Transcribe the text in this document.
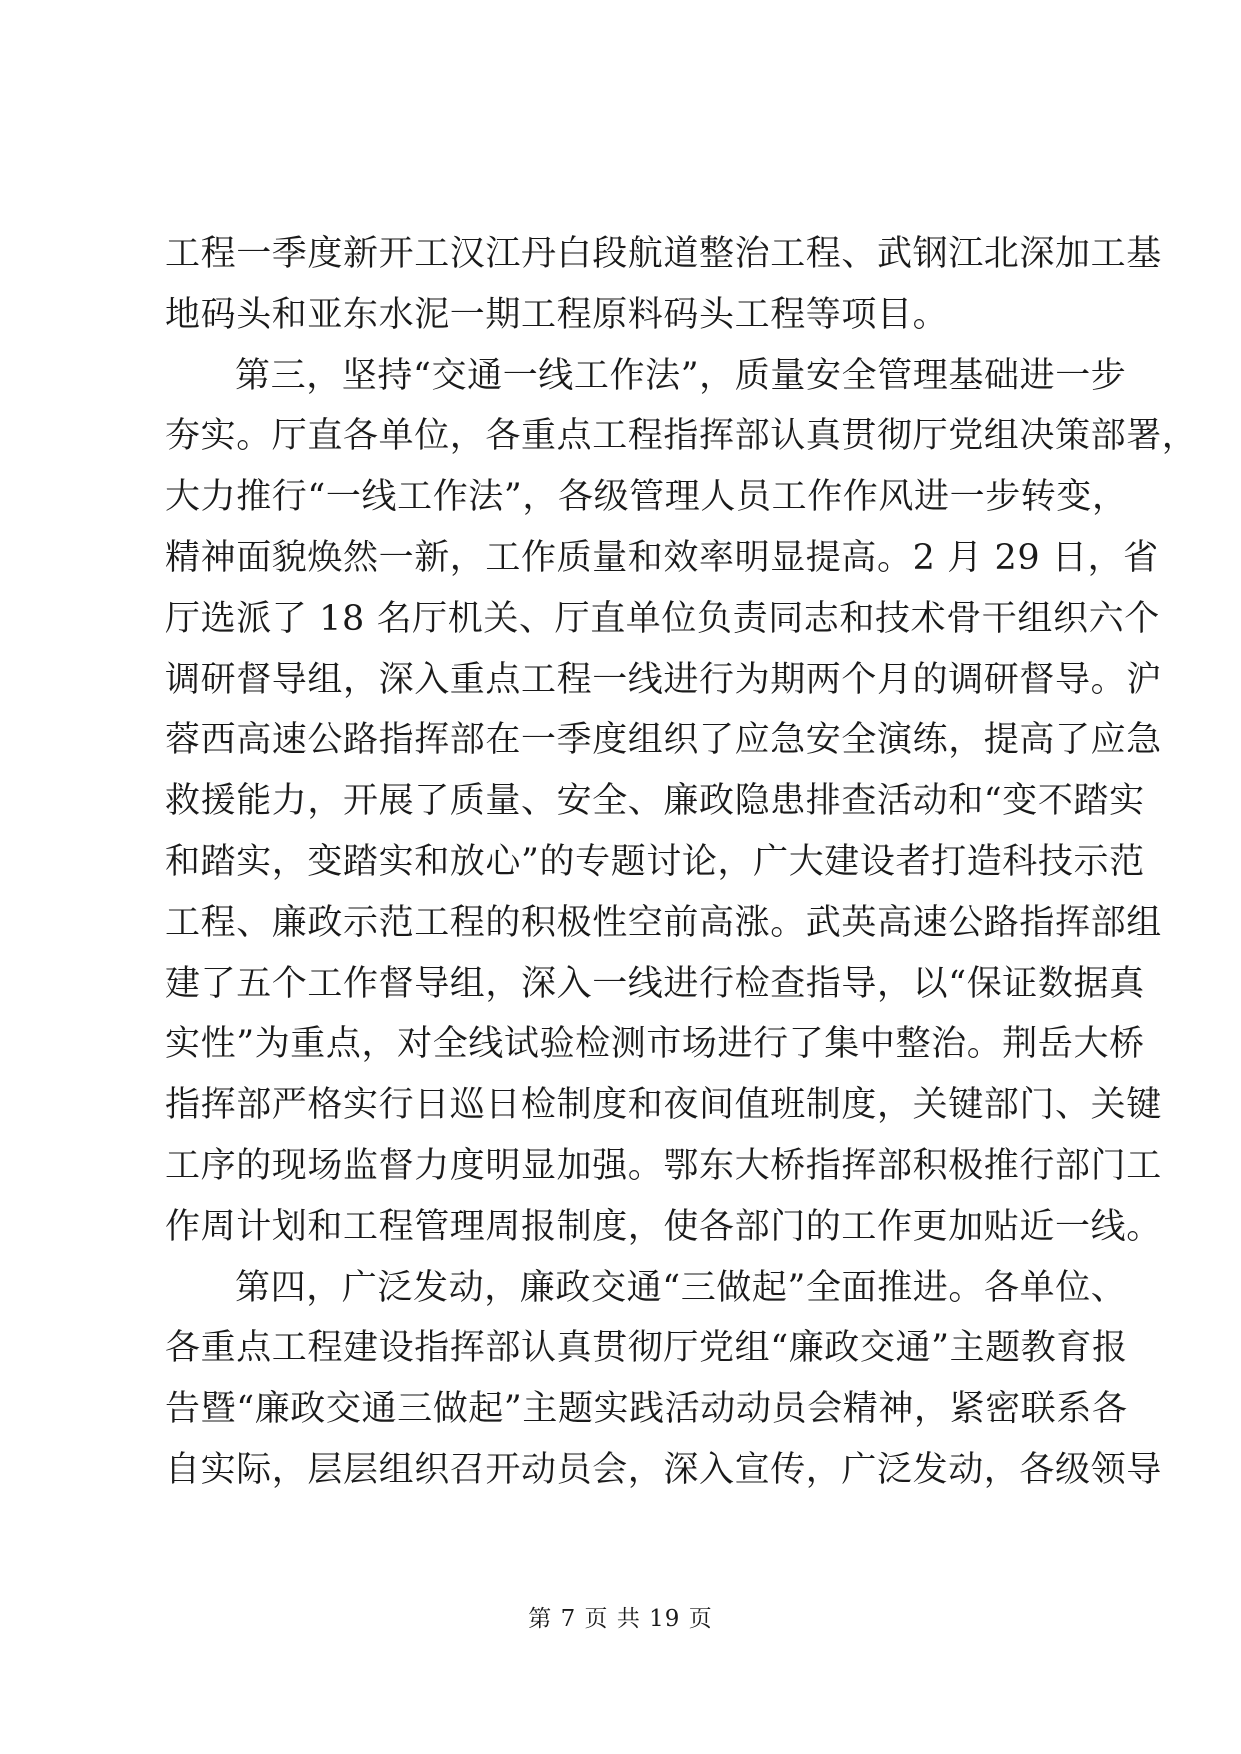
工程一季度新开工汉江丹白段航道整治工程、武钢江北深加工基
地码头和亚东水泥一期工程原料码头工程等项目。
第三，坚持“交通一线工作法”，质量安全管理基础进一步
夯实。厅直各单位，各重点工程指挥部认真贯彻厅党组决策部署，
大力推行“一线工作法”，各级管理人员工作作风进一步转变，
精神面貌焕然一新，工作质量和效率明显提高。2 月 29 日，省
厅选派了 18 名厅机关、厅直单位负责同志和技术骨干组织六个
调研督导组，深入重点工程一线进行为期两个月的调研督导。沪
蓉西高速公路指挥部在一季度组织了应急安全演练，提高了应急
救援能力，开展了质量、安全、廉政隐患排查活动和“变不踏实
和踏实，变踏实和放心”的专题讨论，广大建设者打造科技示范
工程、廉政示范工程的积极性空前高涨。武英高速公路指挥部组
建了五个工作督导组，深入一线进行检查指导，以“保证数据真
实性”为重点，对全线试验检测市场进行了集中整治。荆岳大桥
指挥部严格实行日巡日检制度和夜间值班制度，关键部门、关键
工序的现场监督力度明显加强。鄂东大桥指挥部积极推行部门工
作周计划和工程管理周报制度，使各部门的工作更加贴近一线。
第四，广泛发动，廉政交通“三做起”全面推进。各单位、
各重点工程建设指挥部认真贯彻厅党组“廉政交通”主题教育报
告暨“廉政交通三做起”主题实践活动动员会精神，紧密联系各
自实际，层层组织召开动员会，深入宣传，广泛发动，各级领导
第 7 页 共 19 页
